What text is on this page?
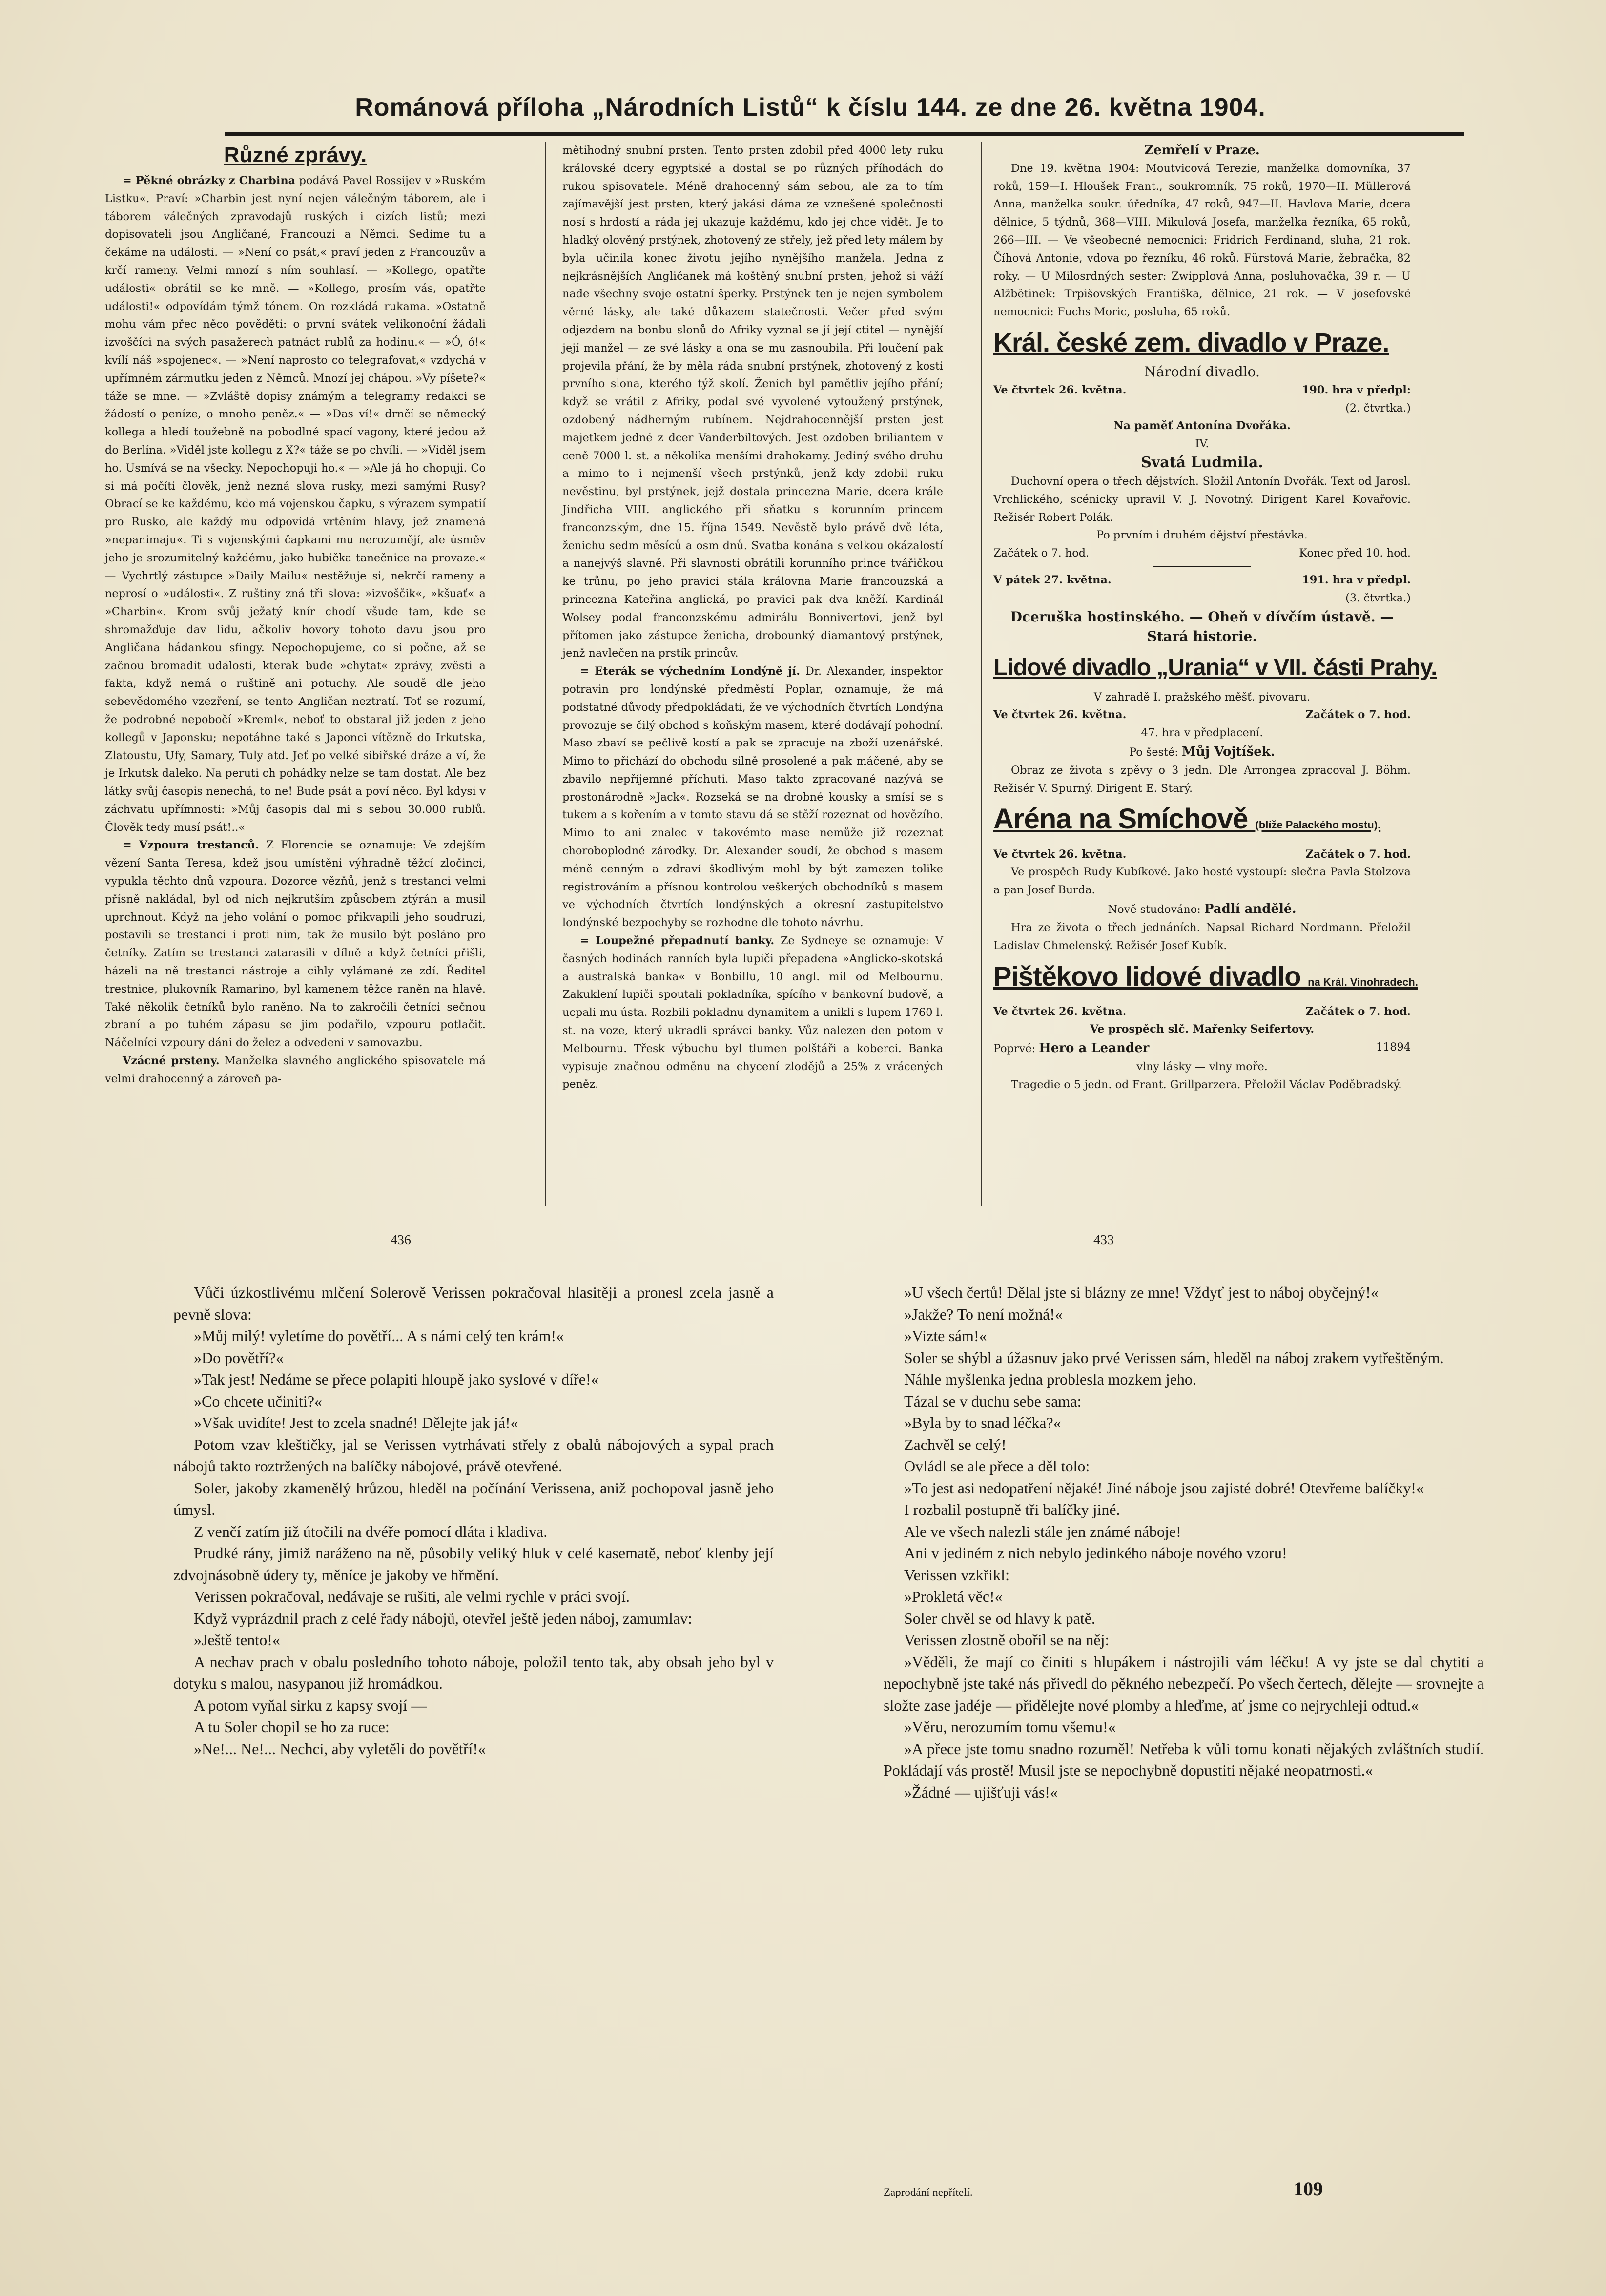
Románová příloha „Národních Listů“ k číslu 144. ze dne 26. května 1904.
Různé zprávy.

= Pěkné obrázky z Charbina podává Pavel Rossijev v »Ruském Listku«. Praví: »Charbin jest nyní nejen válečným táborem, ale i táborem válečných zpravodajů ruských i cizích listů; mezi dopisovateli jsou Angličané, Francouzi a Němci. Sedíme tu a čekáme na události. — »Není co psát,« praví jeden z Francouzův a krčí rameny. Velmi mnozí s ním souhlasí. — »Kollego, opatřte události« obrátil se ke mně. — »Kollego, prosím vás, opatřte události!« odpovídám týmž tónem. On rozkládá rukama. »Ostatně mohu vám přec něco pověděti: o první svátek velikonoční žádali izvoščíci na svých pasažerech patnáct rublů za hodinu.« — »Ó, ó!« kvílí náš »spojenec«. — »Není naprosto co telegrafovat,« vzdychá v upřímném zármutku jeden z Němců. Mnozí jej chápou. »Vy píšete?« táže se mne. — »Zvláště dopisy známým a telegramy redakci se žádostí o peníze, o mnoho peněz.« — »Das ví!« drnčí se německý kollega a hledí toužebně na pobodlné spací vagony, které jedou až do Berlína. »Viděl jste kollegu z X?« táže se po chvíli. — »Viděl jsem ho. Usmívá se na všecky. Nepochopuji ho.« — »Ale já ho chopuji. Co si má počíti člověk, jenž nezná slova rusky, mezi samými Rusy? Obrací se ke každému, kdo má vojenskou čapku, s výrazem sympatií pro Rusko, ale každý mu odpovídá vrtěním hlavy, jež znamená »nepanimaju«. Ti s vojenskými čapkami mu nerozumějí, ale úsměv jeho je srozumitelný každému, jako hubička tanečnice na provaze.« — Vychrtlý zástupce »Daily Mailu« nestěžuje si, nekrčí rameny a neprosí o »události«. Z ruštiny zná tři slova: »izvoščik«, »kšuať« a »Charbin«. Krom svůj ježatý knír chodí všude tam, kde se shromažďuje dav lidu, ačkoliv hovory tohoto davu jsou pro Angličana hádankou sfingy. Nepochopujeme, co si počne, až se začnou bromadit události, kterak bude »chytat« zprávy, zvěsti a fakta, když nemá o ruštině ani potuchy. Ale soudě dle jeho sebevědomého vzezření, se tento Angličan neztratí. Toť se rozumí, že podrobné nepobočí »Kreml«, neboť to obstaral již jeden z jeho kollegů v Japonsku; nepotáhne také s Japonci vítězně do Irkutska, Zlatoustu, Ufy, Samary, Tuly atd. Jeť po velké sibiřské dráze a ví, že je Irkutsk daleko. Na peruti ch pohádky nelze se tam dostat. Ale bez látky svůj časopis nenechá, to ne! Bude psát a poví něco. Byl kdysi v záchvatu upřímnosti: »Můj časopis dal mi s sebou 30.000 rublů. Člověk tedy musí psát!..«

= Vzpoura trestanců. Z Florencie se oznamuje: Ve zdejším vězení Santa Teresa, kdež jsou umístěni výhradně těžcí zločinci, vypukla těchto dnů vzpoura. Dozorce vězňů, jenž s trestanci velmi přísně nakládal, byl od nich nejkrutším způsobem ztýrán a musil uprchnout. Když na jeho volání o pomoc přikvapili jeho soudruzi, postavili se trestanci i proti nim, tak že musilo být posláno pro četníky. Zatím se trestanci zatarasili v dílně a když četníci přišli, házeli na ně trestanci nástroje a cihly vylámané ze zdí. Ředitel trestnice, plukovník Ramarino, byl kamenem těžce raněn na hlavě. Také několik četníků bylo raněno. Na to zakročili četníci sečnou zbraní a po tuhém zápasu se jim podařilo, vzpouru potlačit. Náčelníci vzpoury dáni do želez a odvedeni v samovazbu.

Vzácné prsteny. Manželka slavného anglického spisovatele má velmi drahocenný a zároveň pa-

mětihodný snubní prsten. Tento prsten zdobil před 4000 lety ruku královské dcery egyptské a dostal se po různých příhodách do rukou spisovatele. Méně drahocenný sám sebou, ale za to tím zajímavější jest prsten, který jakási dáma ze vznešené společnosti nosí s hrdostí a ráda jej ukazuje každému, kdo jej chce vidět. Je to hladký olověný prstýnek, zhotovený ze střely, jež před lety málem by byla učinila konec životu jejího nynějšího manžela. Jedna z nejkrásnějších Angličanek má koštěný snubní prsten, jehož si váží nade všechny svoje ostatní šperky. Prstýnek ten je nejen symbolem věrné lásky, ale také důkazem statečnosti. Večer před svým odjezdem na bonbu slonů do Afriky vyznal se jí její ctitel — nynější její manžel — ze své lásky a ona se mu zasnoubila. Při loučení pak projevila přání, že by měla ráda snubní prstýnek, zhotovený z kosti prvního slona, kterého týž skolí. Ženich byl pamětliv jejího přání; když se vrátil z Afriky, podal své vyvolené vytoužený prstýnek, ozdobený nádherným rubínem. Nejdrahocennější prsten jest majetkem jedné z dcer Vanderbiltových. Jest ozdoben briliantem v ceně 7000 l. st. a několika menšími drahokamy. Jediný svého druhu a mimo to i nejmenší všech prstýnků, jenž kdy zdobil ruku nevěstinu, byl prstýnek, jejž dostala princezna Marie, dcera krále Jindřicha VIII. anglického při sňatku s korunním princem franconzským, dne 15. října 1549. Nevěstě bylo právě dvě léta, ženichu sedm měsíců a osm dnů. Svatba konána s velkou okázalostí a nanejvýš slavně. Při slavnosti obrátili korunního prince tvářičkou ke trůnu, po jeho pravici stála královna Marie francouzská a princezna Kateřina anglická, po pravici pak dva kněží. Kardinál Wolsey podal franconzskému admirálu Bonnivertovi, jenž byl přítomen jako zástupce ženicha, drobounký diamantový prstýnek, jenž navlečen na prstík princův.

= Eterák se výchedním Londýně jí. Dr. Alexander, inspektor potravin pro londýnské předměstí Poplar, oznamuje, že má podstatné důvody předpokládati, že ve východních čtvrtích Londýna provozuje se čilý obchod s koňským masem, které dodávají pohodní. Maso zbaví se pečlivě kostí a pak se zpracuje na zboží uzenářské. Mimo to přichází do obchodu silně prosolené a pak máčené, aby se zbavilo nepříjemné příchuti. Maso takto zpracované nazývá se prostonárodně »Jack«. Rozseká se na drobné kousky a smísí se s tukem a s kořením a v tomto stavu dá se stěží rozeznat od hovězího. Mimo to ani znalec v takovémto mase nemůže již rozeznat choroboplodné zárodky. Dr. Alexander soudí, že obchod s masem méně cenným a zdraví škodlivým mohl by být zamezen tolike registrováním a přísnou kontrolou veškerých obchodníků s masem ve východních čtvrtích londýnských a okresní zastupitelstvo londýnské bezpochyby se rozhodne dle tohoto návrhu.

= Loupežné přepadnutí banky. Ze Sydneye se oznamuje: V časných hodinách ranních byla lupiči přepadena »Anglicko-skotská a australská banka« v Bonbillu, 10 angl. mil od Melbournu. Zakuklení lupiči spoutali pokladníka, spícího v bankovní budově, a ucpali mu ústa. Rozbili pokladnu dynamitem a unikli s lupem 1760 l. st. na voze, který ukradli správci banky. Vůz nalezen den potom v Melbournu. Třesk výbuchu byl tlumen polštáři a koberci. Banka vypisuje značnou odměnu na chycení zlodějů a 25% z vrácených peněz.

Zemřelí v Praze.

Dne 19. května 1904: Moutvicová Terezie, manželka domovníka, 37 roků, 159—I. Hloušek Frant., soukromník, 75 roků, 1970—II. Müllerová Anna, manželka soukr. úředníka, 47 roků, 947—II. Havlova Marie, dcera dělnice, 5 týdnů, 368—VIII. Mikulová Josefa, manželka řezníka, 65 roků, 266—III. — Ve všeobecné nemocnici: Fridrich Ferdinand, sluha, 21 rok. Číhová Antonie, vdova po řezníku, 46 roků. Fürstová Marie, žebračka, 82 roky. — U Milosrdných sester: Zwipplová Anna, posluhovačka, 39 r. — U Alžbětinek: Trpišovských Františka, dělnice, 21 rok. — V josefovské nemocnici: Fuchs Moric, posluha, 65 roků.

Král. české zem. divadlo v Praze.
Národní divadlo.
Ve čtvrtek 26. května.	190. hra v předpl:
(2. čtvrtka.)
Na paměť Antonína Dvořáka.
IV.
Svatá Ludmila.

Duchovní opera o třech dějstvích. Složil Antonín Dvořák. Text od Jarosl. Vrchlického, scénicky upravil V. J. Novotný. Dirigent Karel Kovařovic. Režisér Robert Polák.

Po prvním i druhém dějství přestávka.
Začátek o 7. hod.	Konec před 10. hod.
V pátek 27. května.	191. hra v předpl.
(3. čtvrtka.)
Dceruška hostinského. — Oheň v dívčím ústavě. — Stará historie.
Lidové divadlo „Urania“ v VII. části Prahy.
V zahradě I. pražského měšť. pivovaru.
Ve čtvrtek 26. května.	Začátek o 7. hod.
47. hra v předplacení.
Po šesté: Můj Vojtíšek.

Obraz ze života s zpěvy o 3 jedn. Dle Arrongea zpracoval J. Böhm. Režisér V. Spurný. Dirigent E. Starý.

Aréna na Smíchově (blíže Palackého mostu).
Ve čtvrtek 26. května.	Začátek o 7. hod.

Ve prospěch Rudy Kubíkové. Jako hosté vystoupí: slečna Pavla Stolzova a pan Josef Burda.

Nově studováno: Padlí andělé.

Hra ze života o třech jednáních. Napsal Richard Nordmann. Přeložil Ladislav Chmelenský. Režisér Josef Kubík.

Pištěkovo lidové divadlo na Král. Vinohradech.
Ve čtvrtek 26. května.	Začátek o 7. hod.
Ve prospěch slč. Mařenky Seifertovy.
Poprvé: Hero a Leander	11894
vlny lásky — vlny moře.

Tragedie o 5 jedn. od Frant. Grillparzera. Přeložil Václav Poděbradský.

— 436 —	— 433 —

Vůči úzkostlivému mlčení Solerově Verissen pokračoval hlasitěji a pronesl zcela jasně a pevně slova:

»Můj milý! vyletíme do povětří... A s námi celý ten krám!«

»Do povětří?«

»Tak jest! Nedáme se přece polapiti hloupě jako syslové v díře!«

»Co chcete učiniti?«

»Však uvidíte! Jest to zcela snadné! Dělejte jak já!«

Potom vzav kleštičky, jal se Verissen vytrhávati střely z obalů nábojových a sypal prach nábojů takto roztržených na balíčky nábojové, právě otevřené.

Soler, jakoby zkamenělý hrůzou, hleděl na počínání Verissena, aniž pochopoval jasně jeho úmysl.

Z venčí zatím již útočili na dvéře pomocí dláta i kladiva.

Prudké rány, jimiž naráženo na ně, působily veliký hluk v celé kasematě, neboť klenby její zdvojnásobně údery ty, měníce je jakoby ve hřmění.

Verissen pokračoval, nedávaje se rušiti, ale velmi rychle v práci svojí.

Když vyprázdnil prach z celé řady nábojů, otevřel ještě jeden náboj, zamumlav:

»Ještě tento!«

A nechav prach v obalu posledního tohoto náboje, položil tento tak, aby obsah jeho byl v dotyku s malou, nasypanou již hromádkou.

A potom vyňal sirku z kapsy svojí —

A tu Soler chopil se ho za ruce:

»Ne!... Ne!... Nechci, aby vyletěli do povětří!«

»U všech čertů! Dělal jste si blázny ze mne! Vždyť jest to náboj obyčejný!«

»Jakže? To není možná!«

»Vizte sám!«

Soler se shýbl a úžasnuv jako prvé Verissen sám, hleděl na náboj zrakem vytřeštěným.

Náhle myšlenka jedna problesla mozkem jeho.

Tázal se v duchu sebe sama:

»Byla by to snad léčka?«

Zachvěl se celý!

Ovládl se ale přece a děl tolo:

»To jest asi nedopatření nějaké! Jiné náboje jsou zajisté dobré! Otevřeme balíčky!«

I rozbalil postupně tři balíčky jiné.

Ale ve všech nalezli stále jen známé náboje!

Ani v jediném z nich nebylo jedinkého náboje nového vzoru!

Verissen vzkřikl:

»Prokletá věc!«

Soler chvěl se od hlavy k patě.

Verissen zlostně obořil se na něj:

»Věděli, že mají co činiti s hlupákem i nástrojili vám léčku! A vy jste se dal chytiti a nepochybně jste také nás přivedl do pěkného nebezpečí. Po všech čertech, dělejte — srovnejte a složte zase jadéje — přidělejte nové plomby a hleďme, ať jsme co nejrychleji odtud.«

»Věru, nerozumím tomu všemu!«

»A přece jste tomu snadno rozuměl! Netřeba k vůli tomu konati nějakých zvláštních studií. Pokládají vás prostě! Musil jste se nepochybně dopustiti nějaké neopatrnosti.«

»Žádné — ujišťuji vás!«

Zaprodání nepřítelí.	109
